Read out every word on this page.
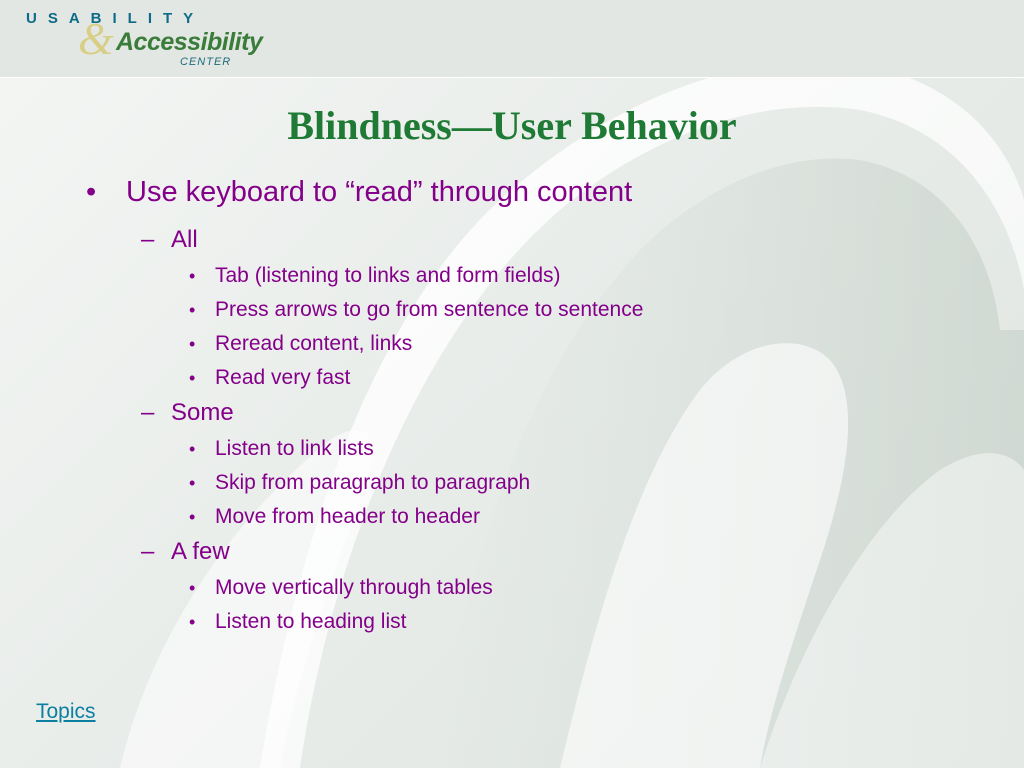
&
USABILITY
Accessibility
CENTER
Blindness—User Behavior
• Use keyboard to “read” through content
– All
• Tab (listening to links and form fields)
• Press arrows to go from sentence to sentence
• Reread content, links
• Read very fast
– Some
• Listen to link lists
• Skip from paragraph to paragraph
• Move from header to header
– A few
• Move vertically through tables
• Listen to heading list
Topics
